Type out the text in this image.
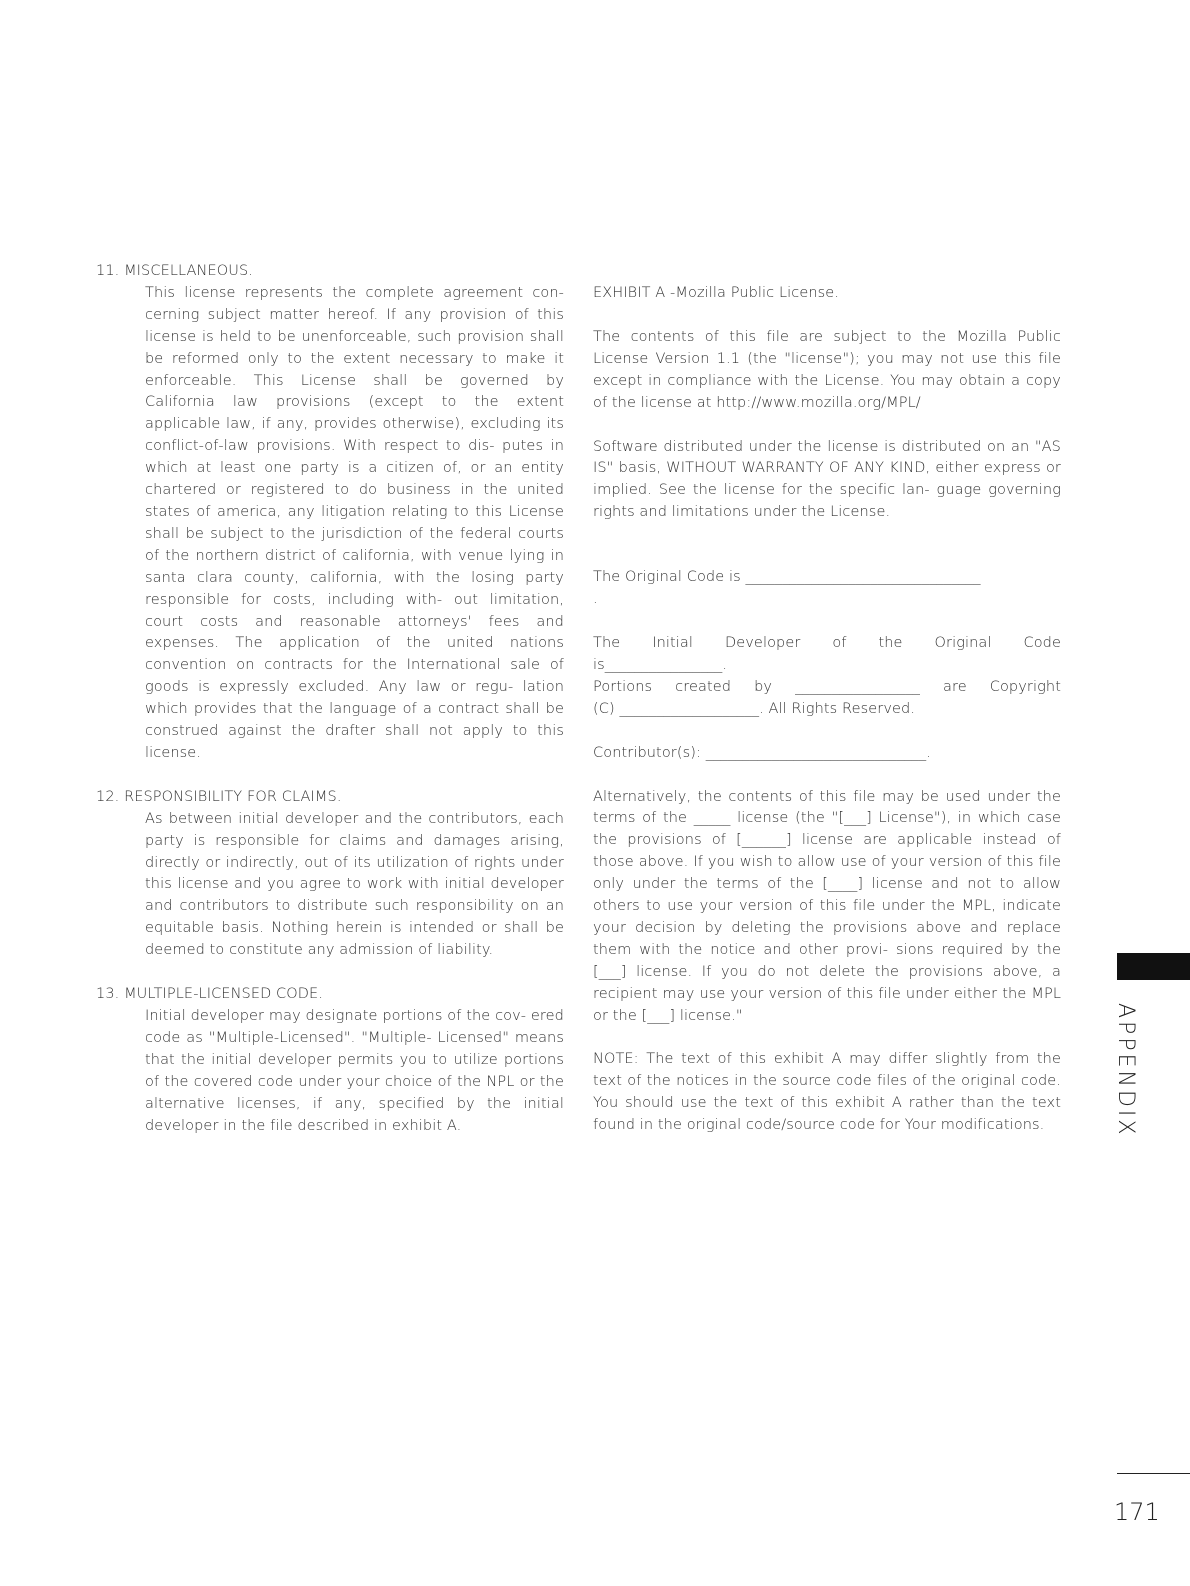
11. MISCELLANEOUS.

This license represents the complete agreement con- cerning subject matter hereof. If any provision of this license is held to be unenforceable, such provision shall be reformed only to the extent necessary to make it enforceable. This License shall be governed by California law provisions (except to the extent applicable law, if any, provides otherwise), excluding its conflict-of-law provisions. With respect to dis- putes in which at least one party is a citizen of, or an entity chartered or registered to do business in the united states of america, any litigation relating to this License shall be subject to the jurisdiction of the federal courts of the northern district of california, with venue lying in santa clara county, california, with the losing party responsible for costs, including with- out limitation, court costs and reasonable attorneys' fees and expenses. The application of the united nations convention on contracts for the International sale of goods is expressly excluded. Any law or regu- lation which provides that the language of a contract shall be construed against the drafter shall not apply to this license.

12. RESPONSIBILITY FOR CLAIMS.

As between initial developer and the contributors, each party is responsible for claims and damages arising, directly or indirectly, out of its utilization of rights under this license and you agree to work with initial developer and contributors to distribute such responsibility on an equitable basis. Nothing herein is intended or shall be deemed to constitute any admission of liability.

13. MULTIPLE-LICENSED CODE.

Initial developer may designate portions of the cov- ered code as "Multiple-Licensed". "Multiple- Licensed" means that the initial developer permits you to utilize portions of the covered code under your choice of the NPL or the alternative licenses, if any, specified by the initial developer in the file described in exhibit A.

EXHIBIT A -Mozilla Public License.

The contents of this file are subject to the Mozilla Public License Version 1.1 (the "license"); you may not use this file except in compliance with the License. You may obtain a copy of the license at http://www.mozilla.org/MPL/

Software distributed under the license is distributed on an "AS IS" basis, WITHOUT WARRANTY OF ANY KIND, either express or implied. See the license for the specific lan- guage governing rights and limitations under the License.

The Original Code is ________________________________

.

The Initial Developer of the Original Code

is________________.

Portions created by _________________ are Copyright

(C) ___________________. All Rights Reserved.

Contributor(s): ______________________________.

Alternatively, the contents of this file may be used under the terms of the _____ license (the "[___] License"), in which case the provisions of [______] license are applicable instead of those above. If you wish to allow use of your version of this file only under the terms of the [____] license and not to allow others to use your version of this file under the MPL, indicate your decision by deleting the provisions above and replace them with the notice and other provi- sions required by the [___] license. If you do not delete the provisions above, a recipient may use your version of this file under either the MPL or the [___] license."

NOTE: The text of this exhibit A may differ slightly from the text of the notices in the source code files of the original code. You should use the text of this exhibit A rather than the text found in the original code/source code for Your modifications.	APPENDIX
171
